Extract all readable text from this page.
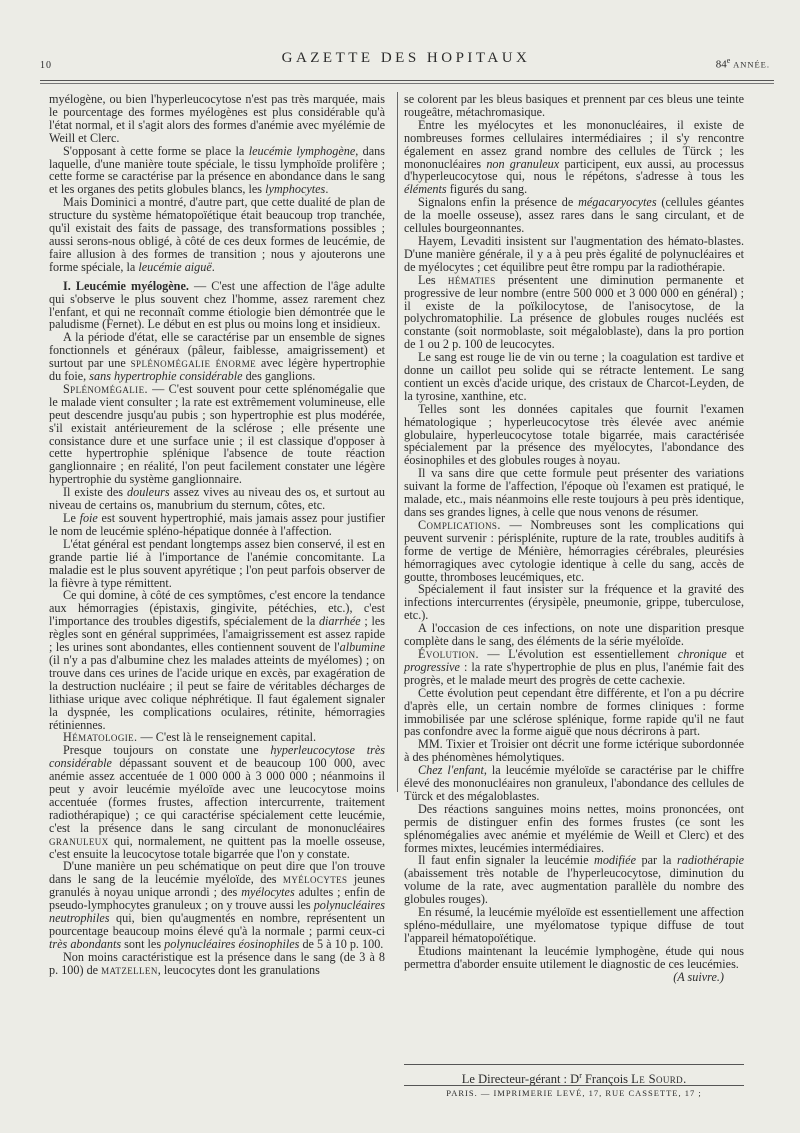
10	GAZETTE DES HOPITAUX	84e ANNÉE.

myélogène, ou bien l'hyperleucocytose n'est pas très marquée, mais le pourcentage des formes myélogènes est plus considérable qu'à l'état normal, et il s'agit alors des formes d'anémie avec myélémie de Weill et Clerc.

S'opposant à cette forme se place la leucémie lymphogène, dans laquelle, d'une manière toute spéciale, le tissu lymphoïde prolifère ; cette forme se caractérise par la présence en abondance dans le sang et les organes des petits globules blancs, les lymphocytes.

Mais Dominici a montré, d'autre part, que cette dualité de plan de structure du système hématopoïétique était beaucoup trop tranchée, qu'il existait des faits de passage, des transformations possibles ; aussi serons-nous obligé, à côté de ces deux formes de leucémie, de faire allusion à des formes de transition ; nous y ajouterons une forme spéciale, la leucémie aiguë.

I. Leucémie myélogène. — C'est une affection de l'âge adulte qui s'observe le plus souvent chez l'homme, assez rarement chez l'enfant, et qui ne reconnaît comme étiologie bien démontrée que le paludisme (Fernet). Le début en est plus ou moins long et insidieux.

A la période d'état, elle se caractérise par un ensemble de signes fonctionnels et généraux (pâleur, faiblesse, amaigrissement) et surtout par une splénomégalie énorme avec légère hypertrophie du foie, sans hypertrophie considérable des ganglions.

Splénomégalie. — C'est souvent pour cette splénomégalie que le malade vient consulter ; la rate est extrêmement volumineuse, elle peut descendre jusqu'au pubis ; son hypertrophie est plus modérée, s'il existait antérieurement de la sclérose ; elle présente une consistance dure et une surface unie ; il est classique d'opposer à cette hypertrophie splénique l'absence de toute réaction ganglionnaire ; en réalité, l'on peut facilement constater une légère hypertrophie du système ganglionnaire.

Il existe des douleurs assez vives au niveau des os, et surtout au niveau de certains os, manubrium du sternum, côtes, etc.

Le foie est souvent hypertrophié, mais jamais assez pour justifier le nom de leucémie spléno-hépatique donnée à l'affection.

L'état général est pendant longtemps assez bien conservé, il est en grande partie lié à l'importance de l'anémie concomitante. La maladie est le plus souvent apyrétique ; l'on peut parfois observer de la fièvre à type rémittent.

Ce qui domine, à côté de ces symptômes, c'est encore la tendance aux hémorragies (épistaxis, gingivite, pétéchies, etc.), c'est l'importance des troubles digestifs, spécialement de la diarrhée ; les règles sont en général supprimées, l'amaigrissement est assez rapide ; les urines sont abondantes, elles contiennent souvent de l'albumine (il n'y a pas d'albumine chez les malades atteints de myélomes) ; on trouve dans ces urines de l'acide urique en excès, par exagération de la destruction nucléaire ; il peut se faire de véritables décharges de lithiase urique avec colique néphrétique. Il faut également signaler la dyspnée, les complications oculaires, rétinite, hémorragies rétiniennes.

Hématologie. — C'est là le renseignement capital.

Presque toujours on constate une hyperleucocytose très considérable dépassant souvent et de beaucoup 100 000, avec anémie assez accentuée de 1 000 000 à 3 000 000 ; néanmoins il peut y avoir leucémie myéloïde avec une leucocytose moins accentuée (formes frustes, affection intercurrente, traitement radiothérapique) ; ce qui caractérise spécialement cette leucémie, c'est la présence dans le sang circulant de mononucléaires granuleux qui, normalement, ne quittent pas la moelle osseuse, c'est ensuite la leucocytose totale bigarrée que l'on y constate.

D'une manière un peu schématique on peut dire que l'on trouve dans le sang de la leucémie myéloïde, des myélocytes jeunes granulés à noyau unique arrondi ; des myélocytes adultes ; enfin de pseudo-lymphocytes granuleux ; on y trouve aussi les polynucléaires neutrophiles qui, bien qu'augmentés en nombre, représentent un pourcentage beaucoup moins élevé qu'à la normale ; parmi ceux-ci très abondants sont les polynucléaires éosinophiles de 5 à 10 p. 100.

Non moins caractéristique est la présence dans le sang (de 3 à 8 p. 100) de matzellen, leucocytes dont les granulations

se colorent par les bleus basiques et prennent par ces bleus une teinte rougeâtre, métachromasique.

Entre les myélocytes et les mononucléaires, il existe de nombreuses formes cellulaires intermédiaires ; il s'y rencontre également en assez grand nombre des cellules de Türck ; les mononucléaires non granuleux participent, eux aussi, au processus d'hyperleucocytose qui, nous le répétons, s'adresse à tous les éléments figurés du sang.

Signalons enfin la présence de mégacaryocytes (cellules géantes de la moelle osseuse), assez rares dans le sang circulant, et de cellules bourgeonnantes.

Hayem, Levaditi insistent sur l'augmentation des hémato-blastes. D'une manière générale, il y a à peu près égalité de polynucléaires et de myélocytes ; cet équilibre peut être rompu par la radiothérapie.

Les hématies présentent une diminution permanente et progressive de leur nombre (entre 500 000 et 3 000 000 en général) ; il existe de la poïkilocytose, de l'anisocytose, de la polychromatophilie. La présence de globules rouges nucléés est constante (soit normoblaste, soit mégaloblaste), dans la pro portion de 1 ou 2 p. 100 de leucocytes.

Le sang est rouge lie de vin ou terne ; la coagulation est tardive et donne un caillot peu solide qui se rétracte lentement. Le sang contient un excès d'acide urique, des cristaux de Charcot-Leyden, de la tyrosine, xanthine, etc.

Telles sont les données capitales que fournit l'examen hématologique ; hyperleucocytose très élevée avec anémie globulaire, hyperleucocytose totale bigarrée, mais caractérisée spécialement par la présence des myélocytes, l'abondance des éosinophiles et des globules rouges à noyau.

Il va sans dire que cette formule peut présenter des variations suivant la forme de l'affection, l'époque où l'examen est pratiqué, le malade, etc., mais néanmoins elle reste toujours à peu près identique, dans ses grandes lignes, à celle que nous venons de résumer.

Complications. — Nombreuses sont les complications qui peuvent survenir : périsplénite, rupture de la rate, troubles auditifs à forme de vertige de Ménière, hémorragies cérébrales, pleurésies hémorragiques avec cytologie identique à celle du sang, accès de goutte, thromboses leucémiques, etc.

Spécialement il faut insister sur la fréquence et la gravité des infections intercurrentes (érysipèle, pneumonie, grippe, tuberculose, etc.).

A l'occasion de ces infections, on note une disparition presque complète dans le sang, des éléments de la série myéloïde.

Évolution. — L'évolution est essentiellement chronique et progressive : la rate s'hypertrophie de plus en plus, l'anémie fait des progrès, et le malade meurt des progrès de cette cachexie.

Cette évolution peut cependant être différente, et l'on a pu décrire d'après elle, un certain nombre de formes cliniques : forme immobilisée par une sclérose splénique, forme rapide qu'il ne faut pas confondre avec la forme aiguë que nous décrirons à part.

MM. Tixier et Troisier ont décrit une forme ictérique subordonnée à des phénomènes hémolytiques.

Chez l'enfant, la leucémie myéloïde se caractérise par le chiffre élevé des mononucléaires non granuleux, l'abondance des cellules de Türck et des mégaloblastes.

Des réactions sanguines moins nettes, moins prononcées, ont permis de distinguer enfin des formes frustes (ce sont les splénomégalies avec anémie et myélémie de Weill et Clerc) et des formes mixtes, leucémies intermédiaires.

Il faut enfin signaler la leucémie modifiée par la radiothérapie (abaissement très notable de l'hyperleucocytose, diminution du volume de la rate, avec augmentation parallèle du nombre des globules rouges).

En résumé, la leucémie myéloïde est essentiellement une affection spléno-médullaire, une myélomatose typique diffuse de tout l'appareil hématopoïétique.

Etudions maintenant la leucémie lymphogène, étude qui nous permettra d'aborder ensuite utilement le diagnostic de ces leucémies.

(A suivre.)

Le Directeur-gérant : $D^r$ François Le Sourd.
PARIS. — IMPRIMERIE LEVÉ, 17, RUE CASSETTE, 17 ;
